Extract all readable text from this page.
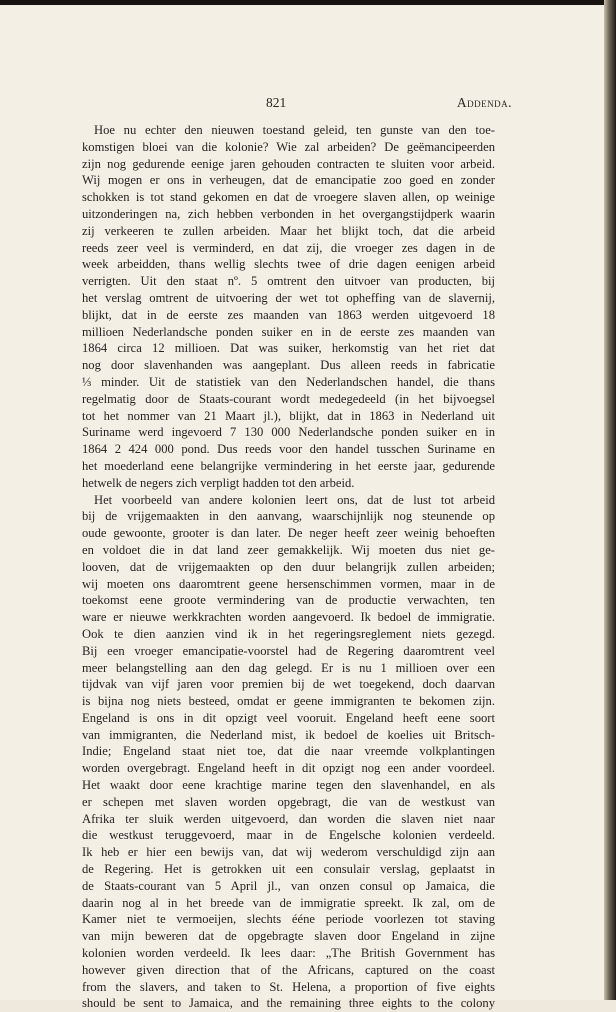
821	Addenda.
Hoe nu echter den nieuwen toestand geleid, ten gunste van den toe-
komstigen bloei van die kolonie? Wie zal arbeiden? De geëmancipeerden
zijn nog gedurende eenige jaren gehouden contracten te sluiten voor arbeid.
Wij mogen er ons in verheugen, dat de emancipatie zoo goed en zonder
schokken is tot stand gekomen en dat de vroegere slaven allen, op weinige
uitzonderingen na, zich hebben verbonden in het overgangstijdperk waarin
zij verkeeren te zullen arbeiden. Maar het blijkt toch, dat die arbeid
reeds zeer veel is verminderd, en dat zij, die vroeger zes dagen in de
week arbeidden, thans wellig slechts twee of drie dagen eenigen arbeid
verrigten. Uit den staat nº. 5 omtrent den uitvoer van producten, bij
het verslag omtrent de uitvoering der wet tot opheffing van de slavernij,
blijkt, dat in de eerste zes maanden van 1863 werden uitgevoerd 18
millioen Nederlandsche ponden suiker en in de eerste zes maanden van
1864 circa 12 millioen. Dat was suiker, herkomstig van het riet dat
nog door slavenhanden was aangeplant. Dus alleen reeds in fabricatie
⅓ minder. Uit de statistiek van den Nederlandschen handel, die thans
regelmatig door de Staats-courant wordt medegedeeld (in het bijvoegsel
tot het nommer van 21 Maart jl.), blijkt, dat in 1863 in Nederland uit
Suriname werd ingevoerd 7 130 000 Nederlandsche ponden suiker en in
1864 2 424 000 pond. Dus reeds voor den handel tusschen Suriname en
het moederland eene belangrijke vermindering in het eerste jaar, gedurende
hetwelk de negers zich verpligt hadden tot den arbeid.
Het voorbeeld van andere kolonien leert ons, dat de lust tot arbeid
bij de vrijgemaakten in den aanvang, waarschijnlijk nog steunende op
oude gewoonte, grooter is dan later. De neger heeft zeer weinig behoeften
en voldoet die in dat land zeer gemakkelijk. Wij moeten dus niet ge-
looven, dat de vrijgemaakten op den duur belangrijk zullen arbeiden;
wij moeten ons daaromtrent geene hersenschimmen vormen, maar in de
toekomst eene groote vermindering van de productie verwachten, ten
ware er nieuwe werkkrachten worden aangevoerd. Ik bedoel de immigratie.
Ook te dien aanzien vind ik in het regeringsreglement niets gezegd.
Bij een vroeger emancipatie-voorstel had de Regering daaromtrent veel
meer belangstelling aan den dag gelegd. Er is nu 1 millioen over een
tijdvak van vijf jaren voor premien bij de wet toegekend, doch daarvan
is bijna nog niets besteed, omdat er geene immigranten te bekomen zijn.
Engeland is ons in dit opzigt veel vooruit. Engeland heeft eene soort
van immigranten, die Nederland mist, ik bedoel de koelies uit Britsch-
Indie; Engeland staat niet toe, dat die naar vreemde volkplantingen
worden overgebragt. Engeland heeft in dit opzigt nog een ander voordeel.
Het waakt door eene krachtige marine tegen den slavenhandel, en als
er schepen met slaven worden opgebragt, die van de westkust van
Afrika ter sluik werden uitgevoerd, dan worden die slaven niet naar
die westkust teruggevoerd, maar in de Engelsche kolonien verdeeld.
Ik heb er hier een bewijs van, dat wij wederom verschuldigd zijn aan
de Regering. Het is getrokken uit een consulair verslag, geplaatst in
de Staats-courant van 5 April jl., van onzen consul op Jamaica, die
daarin nog al in het breede van de immigratie spreekt. Ik zal, om de
Kamer niet te vermoeijen, slechts ééne periode voorlezen tot staving
van mijn beweren dat de opgebragte slaven door Engeland in zijne
kolonien worden verdeeld. Ik lees daar: „The British Government has
however given direction that of the Africans, captured on the coast
from the slavers, and taken to St. Helena, a proportion of five eights
should be sent to Jamaica, and the remaining three eights to the colony
